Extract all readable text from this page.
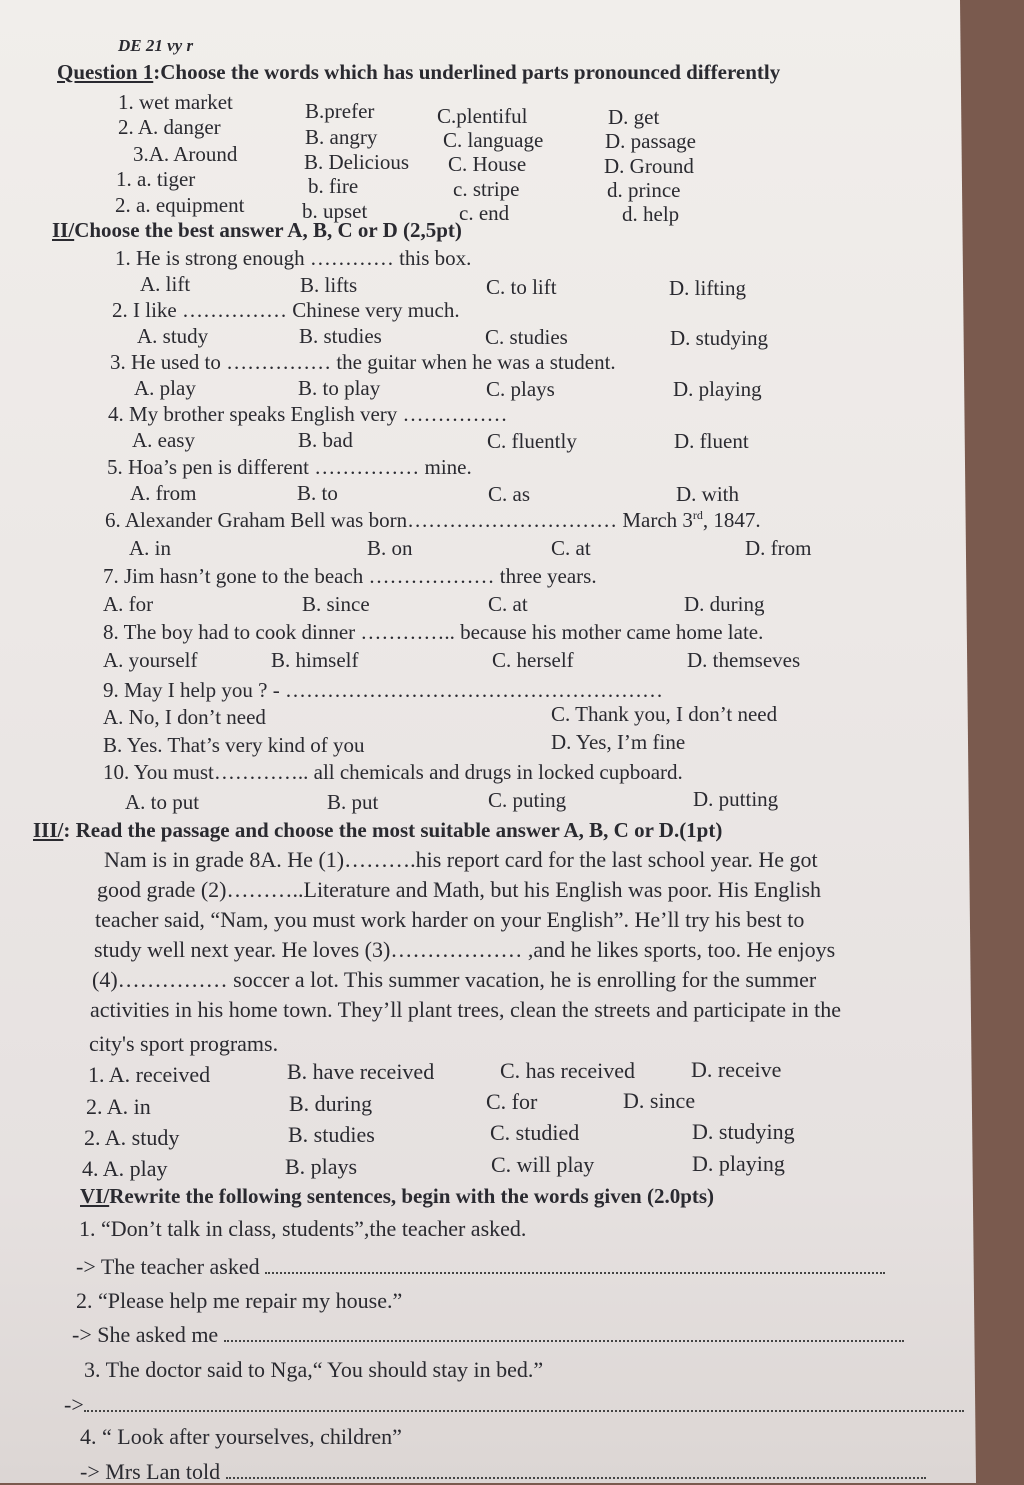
DE 21 vy r
Question 1:Choose the words which has underlined parts pronounced differently
1. wet market	B.prefer	C.plentiful	D. get
2. A. danger	B. angry	C. language	D. passage
3.A. Around	B. Delicious C. House	D. Ground
1. a. tiger	b. fire	c. stripe	d. prince
2. a. equipment	b. upset	c. end	d. help
II/Choose the best answer A, B, C or D (2,5pt)
1. He is strong enough ………… this box.
A. lift	B. lifts	C. to lift	D. lifting
2. I like …………… Chinese very much.
A. study	B. studies	C. studies	D. studying
3. He used to …………… the guitar when he was a student.
A. play	B. to play	C. plays	D. playing
4. My brother speaks English very ……………
A. easy	B. bad	C. fluently	D. fluent
5. Hoa’s pen is different …………… mine.
A. from	B. to	C. as	D. with
6. Alexander Graham Bell was born………………………… March 3rd, 1847.
A. in	B. on	C. at	D. from
7. Jim hasn’t gone to the beach ……………… three years.
A. for	B. since	C. at	D. during
8. The boy had to cook dinner ………….. because his mother came home late.
A. yourself	B. himself	C. herself	D. themseves
9. May I help you ? - ………………………………………………
A. No, I don’t need	C. Thank you, I don’t need
B. Yes. That’s very kind of you	D. Yes, I’m fine
10. You must………….. all chemicals and drugs in locked cupboard.
A. to put	B. put	C. puting	D. putting
III/: Read the passage and choose the most suitable answer A, B, C or D.(1pt)
Nam is in grade 8A. He (1)……….his report card for the last school year. He got
good grade (2)………..Literature and Math, but his English was poor. His English
teacher said, “Nam, you must work harder on your English”. He’ll try his best to
study well next year. He loves (3)……………… ,and he likes sports, too. He enjoys
(4)…………… soccer a lot. This summer vacation, he is enrolling for the summer
activities in his home town. They’ll plant trees, clean the streets and participate in the
city's sport programs.
1. A. received	B. have received	C. has received	D. receive
2. A. in	B. during	C. for	D. since
2. A. study	B. studies	C. studied	D. studying
4. A. play	B. plays	C. will play	D. playing
VI/Rewrite the following sentences, begin with the words given (2.0pts)
1. “Don’t talk in class, students”,the teacher asked.
-> The teacher asked
2. “Please help me repair my house.”
-> She asked me
3. The doctor said to Nga,“ You should stay in bed.”
->
4. “ Look after yourselves, children”
-> Mrs Lan told
